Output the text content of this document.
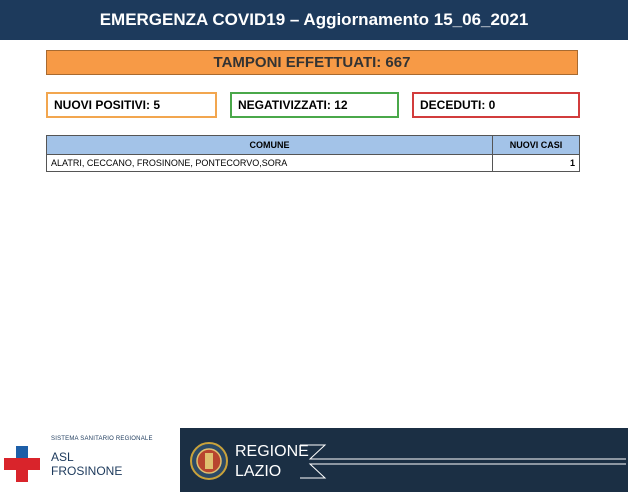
EMERGENZA COVID19 – Aggiornamento 15_06_2021
TAMPONI EFFETTUATI: 667
NUOVI POSITIVI: 5	NEGATIVIZZATI: 12	DECEDUTI: 0
COMUNE	NUOVI CASI
ALATRI, CECCANO, FROSINONE, PONTECORVO,SORA	1
SISTEMA SANITARIO REGIONALE
ASL
FROSINONE
REGIONE
LAZIO
